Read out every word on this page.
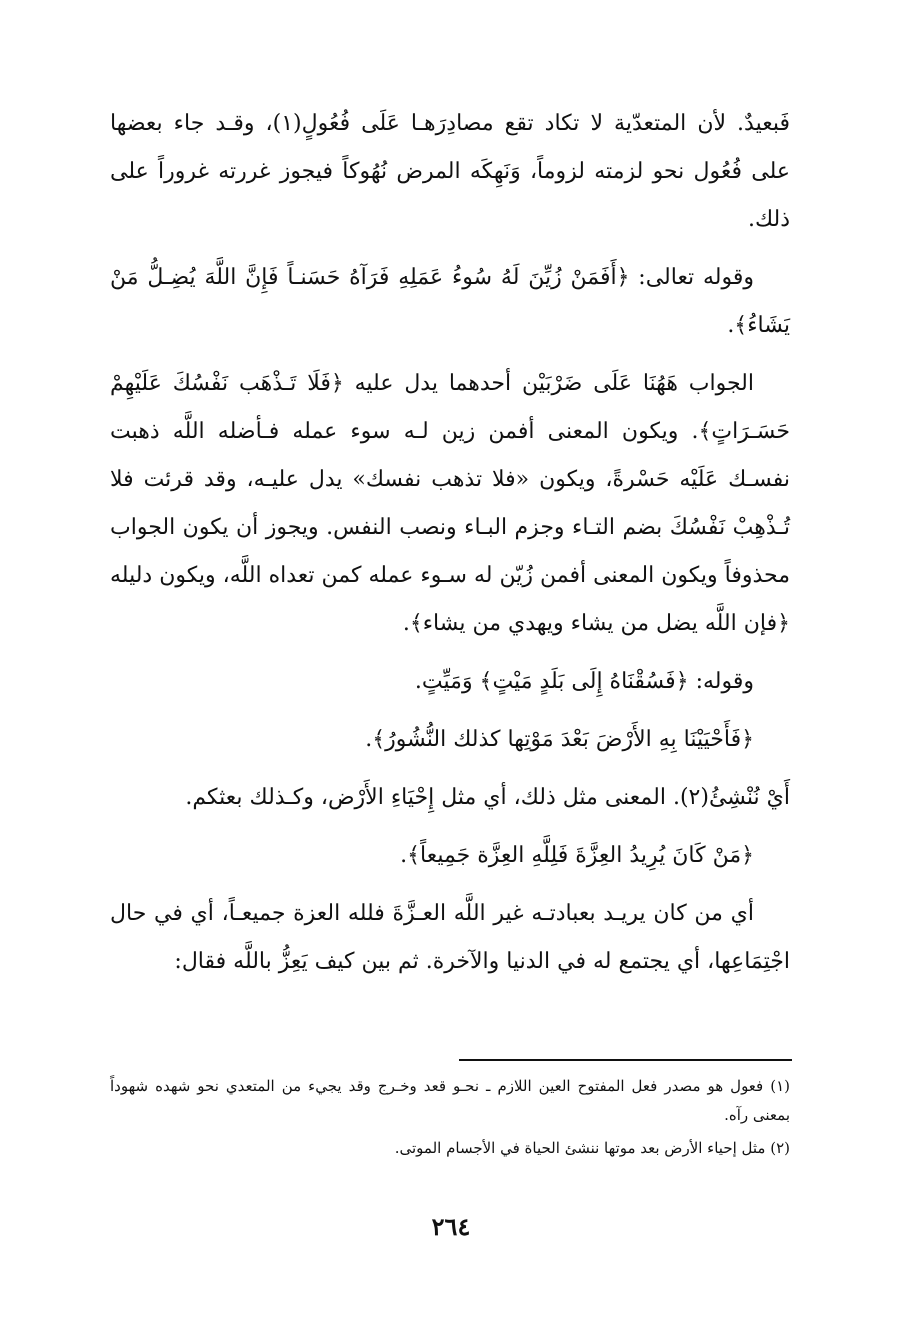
فَبعيدٌ. لأن المتعدّية لا تكاد تقع مصادِرَهـا عَلَى فُعُولٍ(١)، وقـد جاء بعضها على فُعُول نحو لزمته لزوماً، وَنَهِكَه المرض نُهُوكاً فيجوز غررته غروراً على ذلك.

وقوله تعالى: ﴿أَفَمَنْ زُيِّنَ لَهُ سُوءُ عَمَلِهِ فَرَآهُ حَسَنـاً فَإِنَّ اللَّهَ يُضِـلُّ مَنْ يَشَاءُ﴾.

الجواب هَهُنَا عَلَى ضَرْبَيْن أحدهما يدل عليه ﴿فَلَا تَـذْهَب نَفْسُكَ عَلَيْهِمْ حَسَـرَاتٍ﴾. ويكون المعنى أفمن زين لـه سوء عمله فـأضله اللَّه ذهبت نفسـك عَلَيْه حَسْرةً، ويكون «فلا تذهب نفسك» يدل عليـه، وقد قرئت فلا تُـذْهِبْ نَفْسُكَ بضم التـاء وجزم البـاء ونصب النفس. ويجوز أن يكون الجواب محذوفاً ويكون المعنى أفمن زُيّن له سـوء عمله كمن تعداه اللَّه، ويكون دليله ﴿فإن اللَّه يضل من يشاء ويهدي من يشاء﴾.

وقوله: ﴿فَسُقْنَاهُ إِلَى بَلَدٍ مَيْتٍ﴾ وَمَيِّتٍ.

﴿فَأَحْيَيْنَا بِهِ الأَرْضَ بَعْدَ مَوْتِها كذلك النُّشُورُ﴾.

أَيْ نُنْشِئُ(٢). المعنى مثل ذلك، أي مثل إِحْيَاءِ الأَرْض، وكـذلك بعثكم.

﴿مَنْ كَانَ يُرِيدُ العِزَّةَ فَلِلَّهِ العِزَّة جَمِيعاً﴾.

أي من كان يريـد بعبادتـه غير اللَّه العـزَّةَ فلله العزة جميعـاً، أي في حال اجْتِمَاعِها، أي يجتمع له في الدنيا والآخرة. ثم بين كيف يَعِزُّ باللَّه فقال:

(١) فعول هو مصدر فعل المفتوح العين اللازم ـ نحـو قعد وخـرج وقد يجيء من المتعدي نحو شهده شهوداً بمعنى رآه.

(٢) مثل إحياء الأرض بعد موتها ننشئ الحياة في الأجسام الموتى.

٢٦٤
